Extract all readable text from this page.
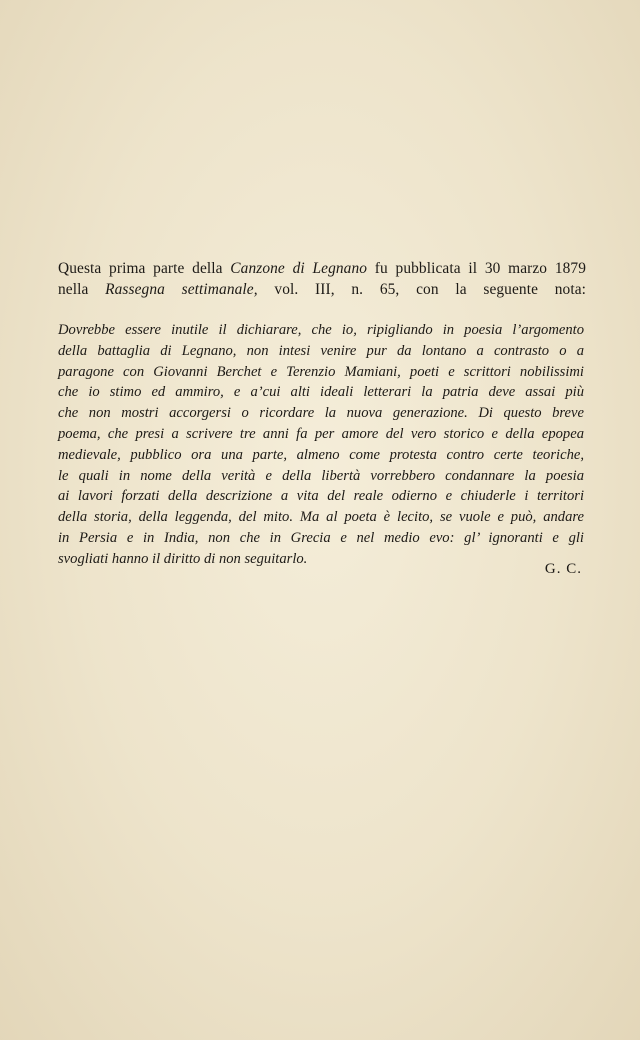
Questa prima parte della Canzone di Legnano fu pubblicata il 30 marzo 1879
nella Rassegna settimanale, vol. III, n. 65, con la seguente nota:
Dovrebbe essere inutile il dichiarare, che io, ripigliando in poesia l’argomento
della battaglia di Legnano, non intesi venire pur da lontano a contrasto o a
paragone con Giovanni Berchet e Terenzio Mamiani, poeti e scrittori nobilissimi
che io stimo ed ammiro, e a’cui alti ideali letterari la patria deve assai più
che non mostri accorgersi o ricordare la nuova generazione. Di questo breve
poema, che presi a scrivere tre anni fa per amore del vero storico e della epopea
medievale, pubblico ora una parte, almeno come protesta contro certe teoriche,
le quali in nome della verità e della libertà vorrebbero condannare la poesia
ai lavori forzati della descrizione a vita del reale odierno e chiuderle i territori
della storia, della leggenda, del mito. Ma al poeta è lecito, se vuole e può, andare
in Persia e in India, non che in Grecia e nel medio evo: gl’ ignoranti e gli
svogliati hanno il diritto di non seguitarlo.
G. C.
